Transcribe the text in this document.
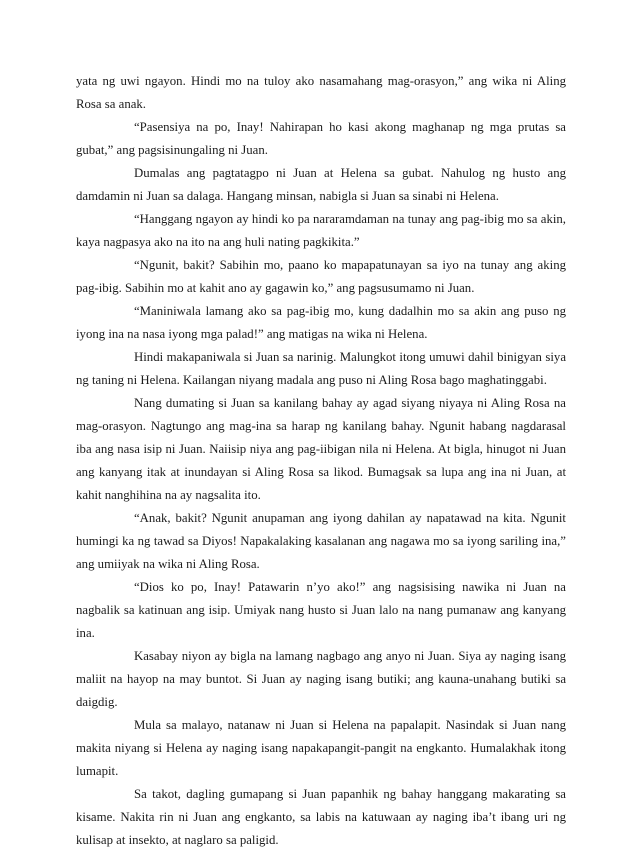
yata ng uwi ngayon. Hindi mo na tuloy ako nasamahang mag-orasyon,” ang wika ni Aling Rosa sa anak.

“Pasensiya na po, Inay! Nahirapan ho kasi akong maghanap ng mga prutas sa gubat,” ang pagsisinungaling ni Juan.

Dumalas ang pagtatagpo ni Juan at Helena sa gubat. Nahulog ng husto ang damdamin ni Juan sa dalaga. Hangang minsan, nabigla si Juan sa sinabi ni Helena.

“Hanggang ngayon ay hindi ko pa nararamdaman na tunay ang pag-ibig mo sa akin, kaya nagpasya ako na ito na ang huli nating pagkikita.”

“Ngunit, bakit? Sabihin mo, paano ko mapapatunayan sa iyo na tunay ang aking pag-ibig. Sabihin mo at kahit ano ay gagawin ko,” ang pagsusumamo ni Juan.

“Maniniwala lamang ako sa pag-ibig mo, kung dadalhin mo sa akin ang puso ng iyong ina na nasa iyong mga palad!” ang matigas na wika ni Helena.

Hindi makapaniwala si Juan sa narinig. Malungkot itong umuwi dahil binigyan siya ng taning ni Helena. Kailangan niyang madala ang puso ni Aling Rosa bago maghatinggabi.

Nang dumating si Juan sa kanilang bahay ay agad siyang niyaya ni Aling Rosa na mag-orasyon. Nagtungo ang mag-ina sa harap ng kanilang bahay. Ngunit habang nagdarasal iba ang nasa isip ni Juan. Naiisip niya ang pag-iibigan nila ni Helena. At bigla, hinugot ni Juan ang kanyang itak at inundayan si Aling Rosa sa likod. Bumagsak sa lupa ang ina ni Juan, at kahit nanghihina na ay nagsalita ito.

“Anak, bakit? Ngunit anupaman ang iyong dahilan ay napatawad na kita. Ngunit humingi ka ng tawad sa Diyos! Napakalaking kasalanan ang nagawa mo sa iyong sariling ina,” ang umiiyak na wika ni Aling Rosa.

“Dios ko po, Inay! Patawarin n’yo ako!” ang nagsisising nawika ni Juan na nagbalik sa katinuan ang isip. Umiyak nang husto si Juan lalo na nang pumanaw ang kanyang ina.

Kasabay niyon ay bigla na lamang nagbago ang anyo ni Juan. Siya ay naging isang maliit na hayop na may buntot. Si Juan ay naging isang butiki; ang kauna-unahang butiki sa daigdig.

Mula sa malayo, natanaw ni Juan si Helena na papalapit. Nasindak si Juan nang makita niyang si Helena ay naging isang napakapangit-pangit na engkanto. Humalakhak itong lumapit.

Sa takot, dagling gumapang si Juan papanhik ng bahay hanggang makarating sa kisame. Nakita rin ni Juan ang engkanto, sa labis na katuwaan ay naging iba’t ibang uri ng kulisap at insekto, at naglaro sa paligid.
